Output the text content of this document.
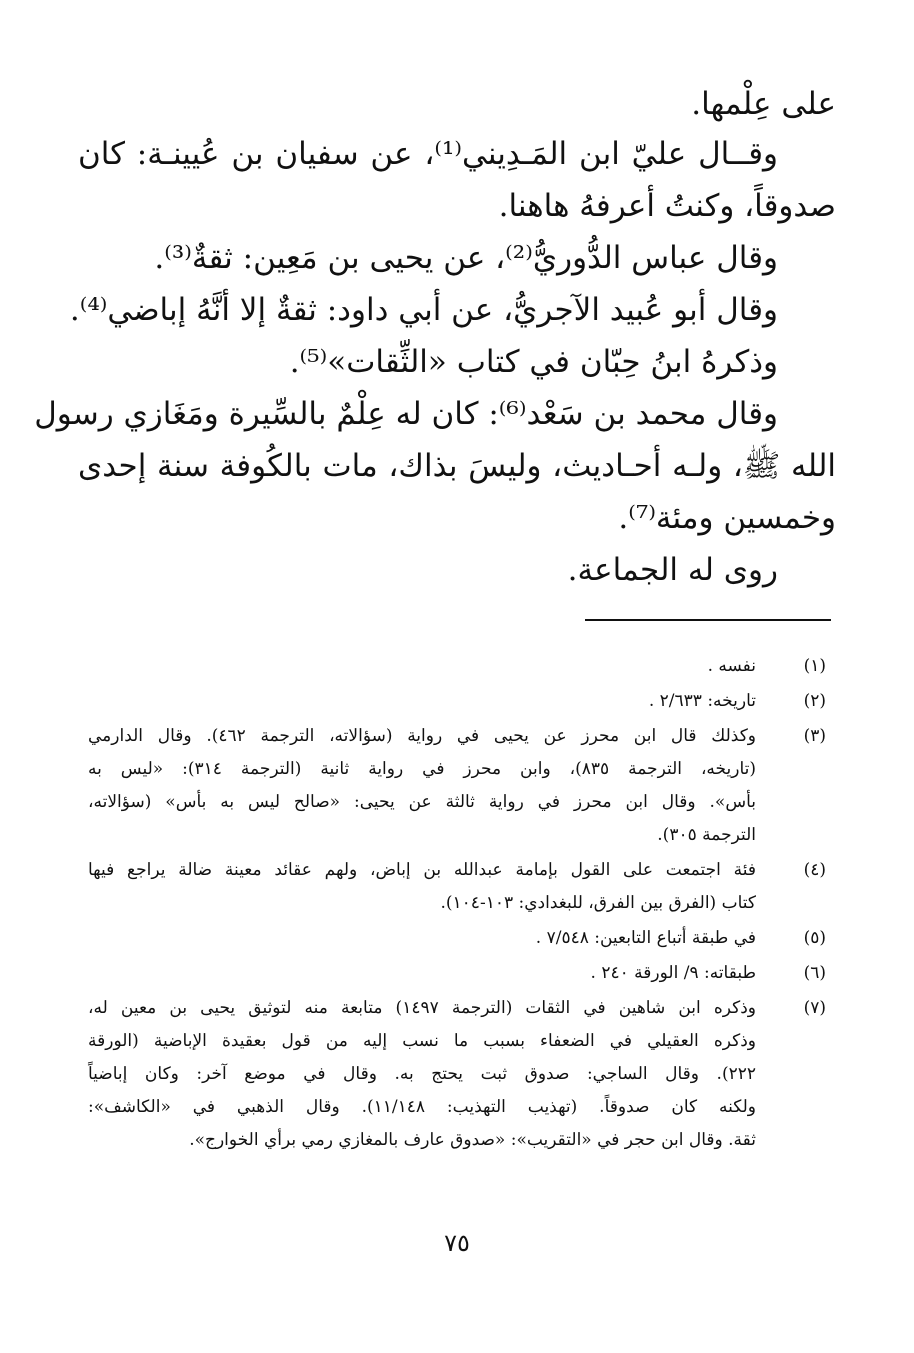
على عِلْمها.
وقــال عليّ ابن المَـدِيني⁽¹⁾، عن سفيان بن عُيينـة: كان
صدوقاً، وكنتُ أعرفهُ هاهنا.
وقال عباس الدُّوريُّ⁽²⁾، عن يحيى بن مَعِين: ثقةٌ⁽³⁾.
وقال أبو عُبيد الآجريُّ، عن أبي داود: ثقةٌ إلا أنَّهُ إباضي⁽⁴⁾.
وذكرهُ ابنُ حِبّان في كتاب «الثِّقات»⁽⁵⁾.
وقال محمد بن سَعْد⁽⁶⁾: كان له عِلْمٌ بالسِّيرة ومَغَازي رسول
الله ﷺ، ولـه أحـاديث، وليسَ بذاك، مات بالكُوفة سنة إحدى
وخمسين ومئة⁽⁷⁾.
روى له الجماعة.
(١)
نفسه .
(٢)
تاريخه: ٢/٦٣٣ .
(٣)
وكذلك قال ابن محرز عن يحيى في رواية (سؤالاته، الترجمة ٤٦٢). وقال الدارمي
(تاريخه، الترجمة ٨٣٥)، وابن محرز في رواية ثانية (الترجمة ٣١٤): «ليس به
بأس». وقال ابن محرز في رواية ثالثة عن يحيى: «صالح ليس به بأس» (سؤالاته،
الترجمة ٣٠٥).
(٤)
فئة اجتمعت على القول بإمامة عبدالله بن إباض، ولهم عقائد معينة ضالة يراجع فيها
كتاب (الفرق بين الفرق، للبغدادي: ١٠٣-١٠٤).
(٥)
في طبقة أتباع التابعين: ٧/٥٤٨ .
(٦)
طبقاته: ٩/ الورقة ٢٤٠ .
(٧)
وذكره ابن شاهين في الثقات (الترجمة ١٤٩٧) متابعة منه لتوثيق يحيى بن معين له،
وذكره العقيلي في الضعفاء بسبب ما نسب إليه من قول بعقيدة الإباضية (الورقة
٢٢٢). وقال الساجي: صدوق ثبت يحتج به. وقال في موضع آخر: وكان إباضياً
ولكنه كان صدوقاً. (تهذيب التهذيب: ١١/١٤٨). وقال الذهبي في «الكاشف»:
ثقة. وقال ابن حجر في «التقريب»: «صدوق عارف بالمغازي رمي برأي الخوارج».
٧٥
